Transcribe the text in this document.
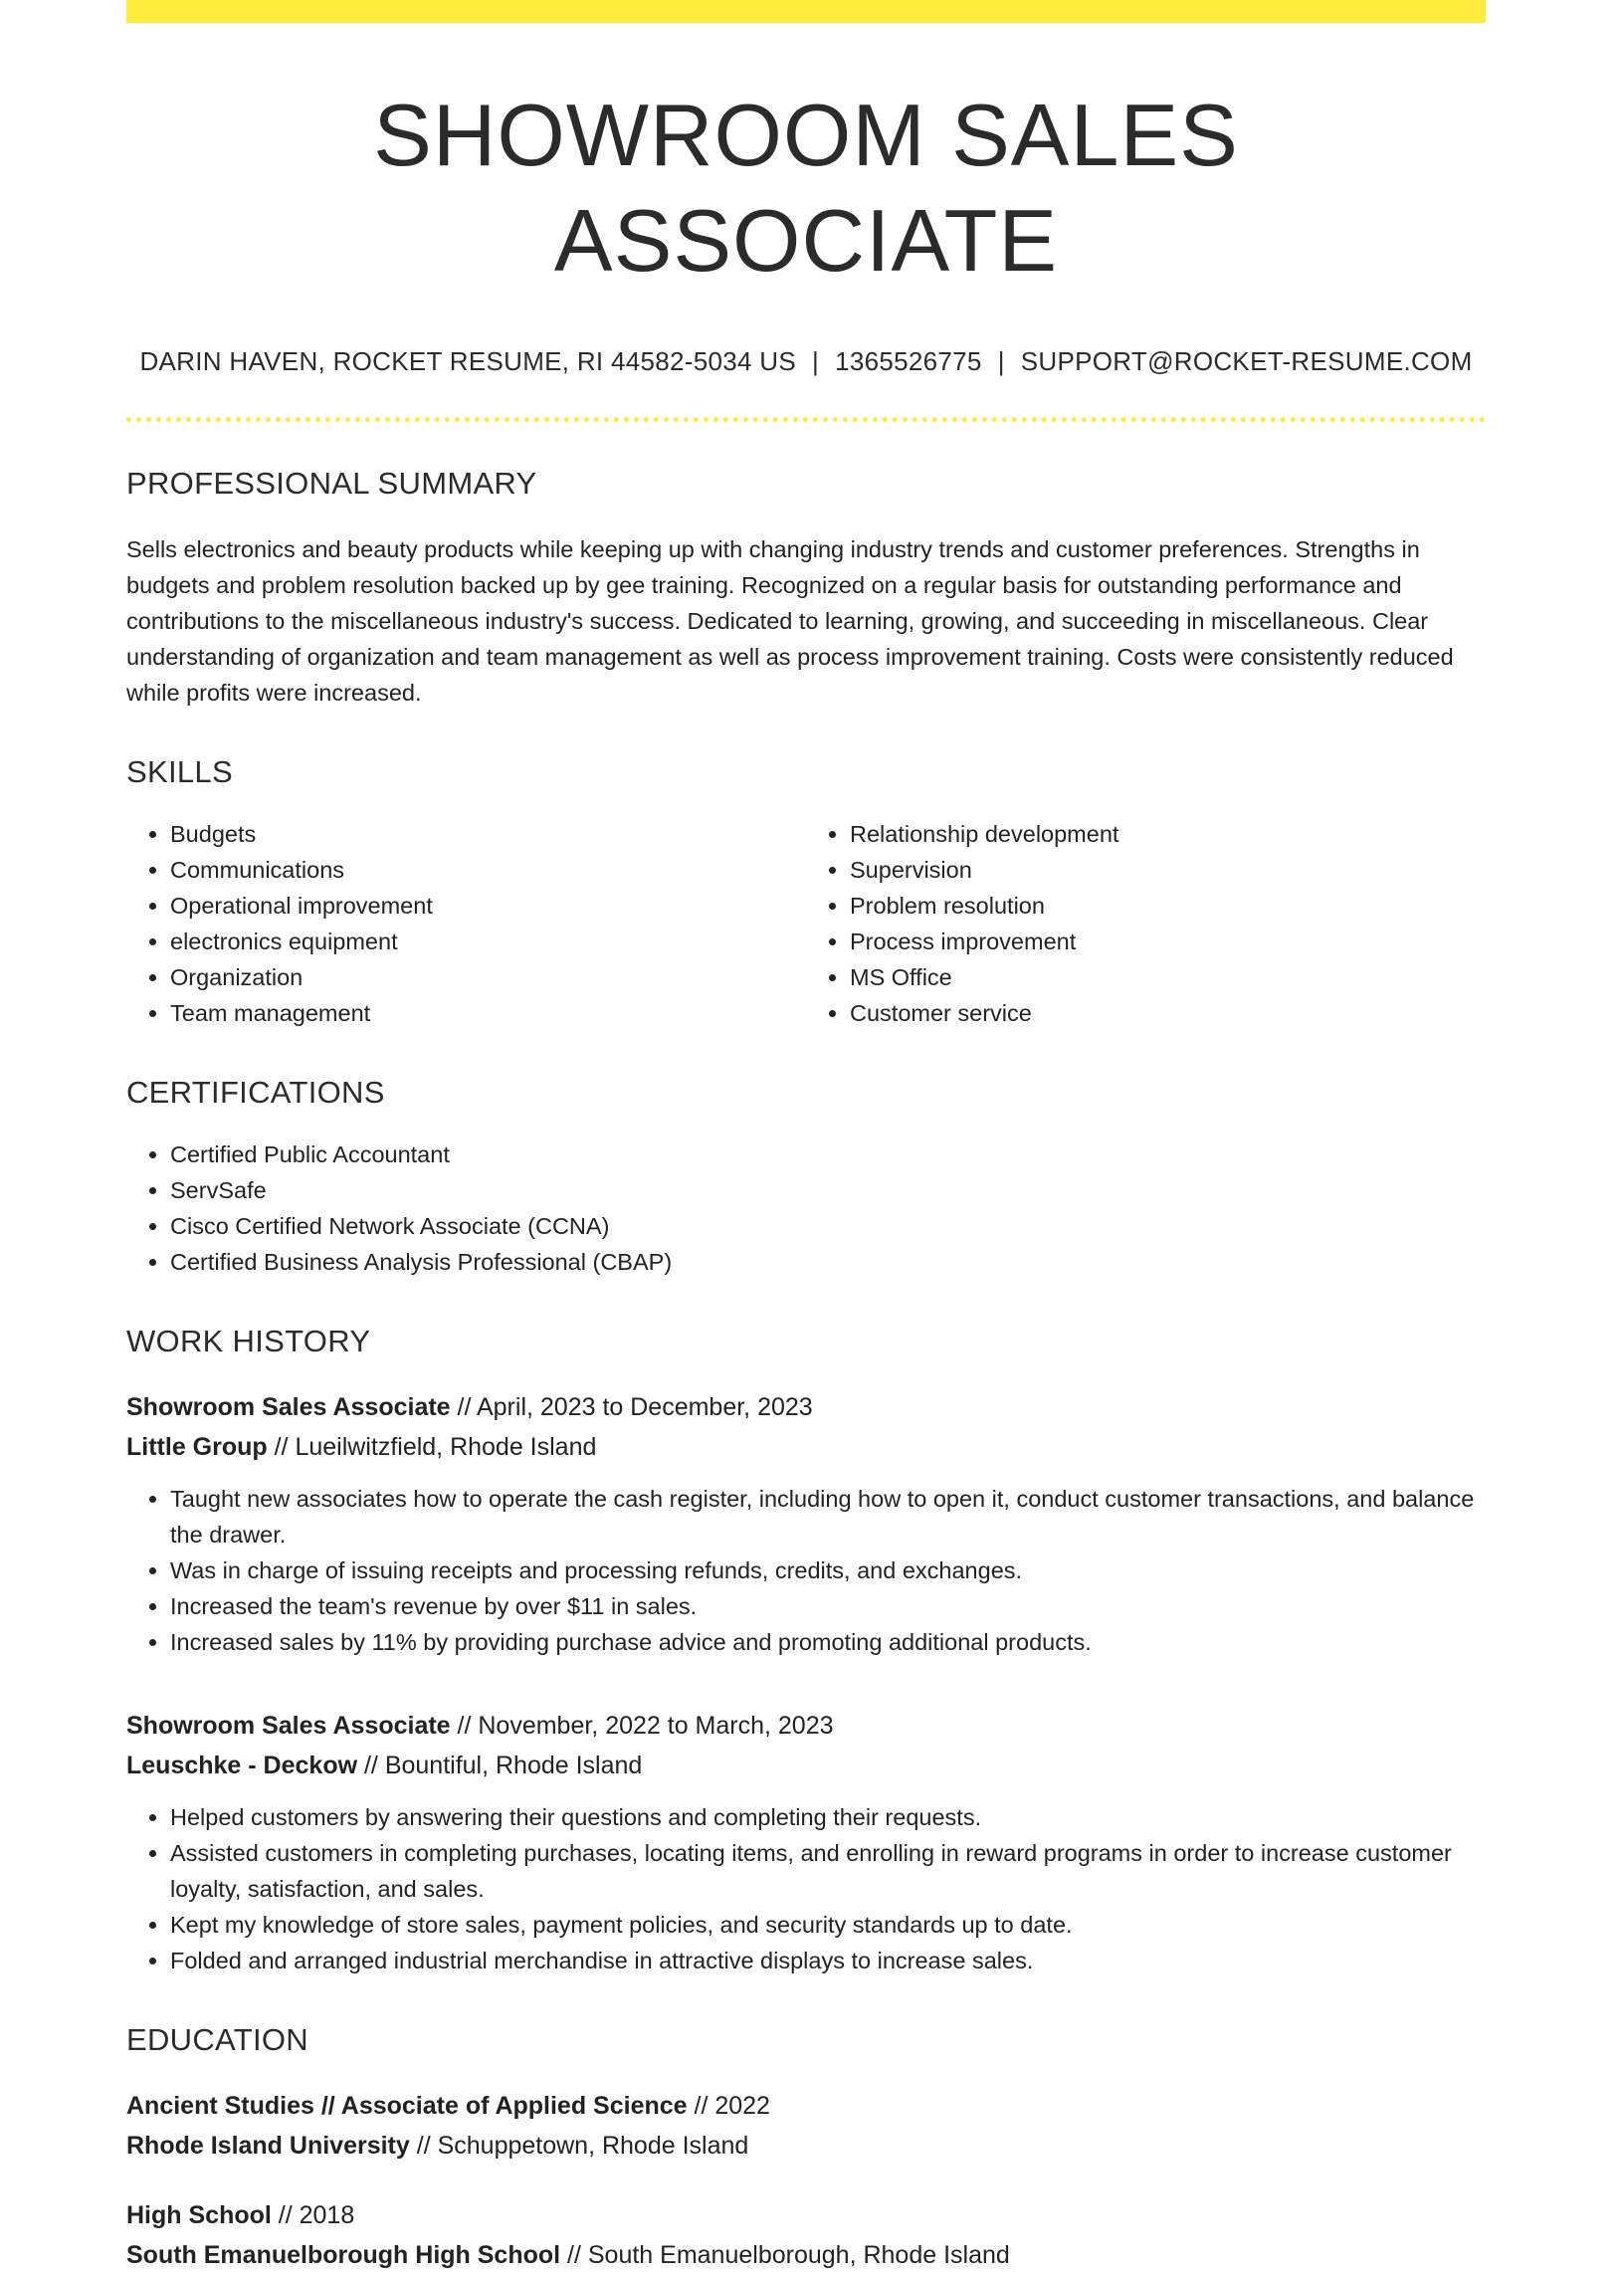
SHOWROOM SALES ASSOCIATE
DARIN HAVEN, ROCKET RESUME, RI 44582-5034 US | 1365526775 | SUPPORT@ROCKET-RESUME.COM
PROFESSIONAL SUMMARY
Sells electronics and beauty products while keeping up with changing industry trends and customer preferences. Strengths in budgets and problem resolution backed up by gee training. Recognized on a regular basis for outstanding performance and contributions to the miscellaneous industry's success. Dedicated to learning, growing, and succeeding in miscellaneous. Clear understanding of organization and team management as well as process improvement training. Costs were consistently reduced while profits were increased.
SKILLS
• Budgets
• Communications
• Operational improvement
• electronics equipment
• Organization
• Team management
• Relationship development
• Supervision
• Problem resolution
• Process improvement
• MS Office
• Customer service
CERTIFICATIONS
• Certified Public Accountant
• ServSafe
• Cisco Certified Network Associate (CCNA)
• Certified Business Analysis Professional (CBAP)
WORK HISTORY
Showroom Sales Associate // April, 2023 to December, 2023
Little Group // Lueilwitzfield, Rhode Island
• Taught new associates how to operate the cash register, including how to open it, conduct customer transactions, and balance the drawer.
• Was in charge of issuing receipts and processing refunds, credits, and exchanges.
• Increased the team's revenue by over $11 in sales.
• Increased sales by 11% by providing purchase advice and promoting additional products.
Showroom Sales Associate // November, 2022 to March, 2023
Leuschke - Deckow // Bountiful, Rhode Island
• Helped customers by answering their questions and completing their requests.
• Assisted customers in completing purchases, locating items, and enrolling in reward programs in order to increase customer loyalty, satisfaction, and sales.
• Kept my knowledge of store sales, payment policies, and security standards up to date.
• Folded and arranged industrial merchandise in attractive displays to increase sales.
EDUCATION
Ancient Studies // Associate of Applied Science // 2022
Rhode Island University // Schuppetown, Rhode Island
High School // 2018
South Emanuelborough High School // South Emanuelborough, Rhode Island
